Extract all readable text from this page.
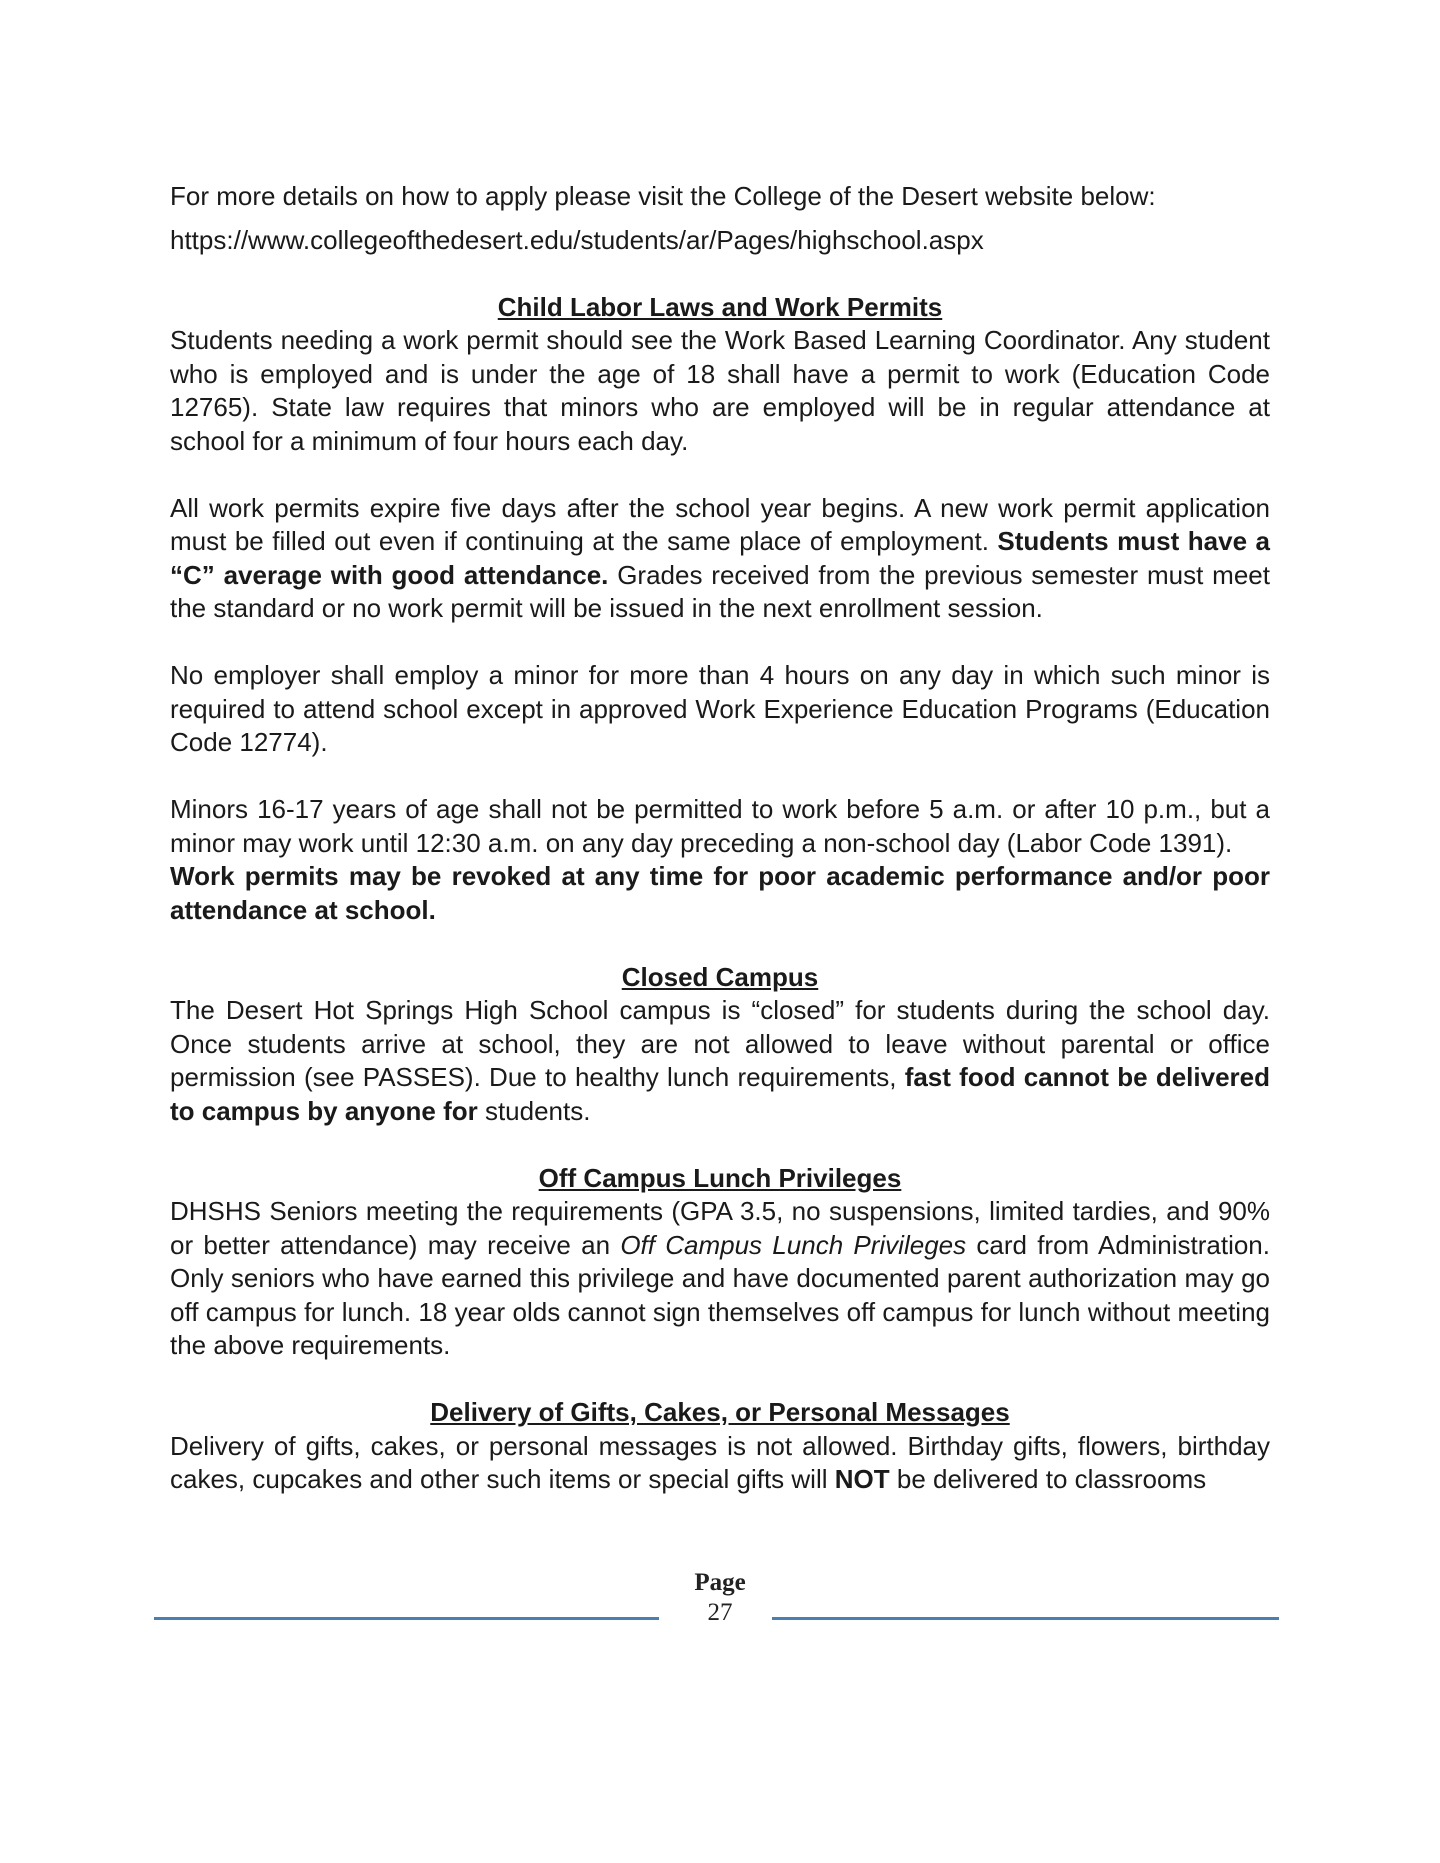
For more details on how to apply please visit the College of the Desert website below:

https://www.collegeofthedesert.edu/students/ar/Pages/highschool.aspx

Child Labor Laws and Work Permits

Students needing a work permit should see the Work Based Learning Coordinator. Any student who is employed and is under the age of 18 shall have a permit to work (Education Code 12765). State law requires that minors who are employed will be in regular attendance at school for a minimum of four hours each day.

All work permits expire five days after the school year begins. A new work permit application must be filled out even if continuing at the same place of employment. Students must have a “C” average with good attendance. Grades received from the previous semester must meet the standard or no work permit will be issued in the next enrollment session.

No employer shall employ a minor for more than 4 hours on any day in which such minor is required to attend school except in approved Work Experience Education Programs (Education Code 12774).

Minors 16-17 years of age shall not be permitted to work before 5 a.m. or after 10 p.m., but a minor may work until 12:30 a.m. on any day preceding a non-school day (Labor Code 1391).

Work permits may be revoked at any time for poor academic performance and/or poor attendance at school.

Closed Campus

The Desert Hot Springs High School campus is “closed” for students during the school day. Once students arrive at school, they are not allowed to leave without parental or office permission (see PASSES). Due to healthy lunch requirements, fast food cannot be delivered to campus by anyone for students.

Off Campus Lunch Privileges

DHSHS Seniors meeting the requirements (GPA 3.5, no suspensions, limited tardies, and 90% or better attendance) may receive an Off Campus Lunch Privileges card from Administration. Only seniors who have earned this privilege and have documented parent authorization may go off campus for lunch. 18 year olds cannot sign themselves off campus for lunch without meeting the above requirements.

Delivery of Gifts, Cakes, or Personal Messages

Delivery of gifts, cakes, or personal messages is not allowed. Birthday gifts, flowers, birthday cakes, cupcakes and other such items or special gifts will NOT be delivered to classrooms

Page
27
